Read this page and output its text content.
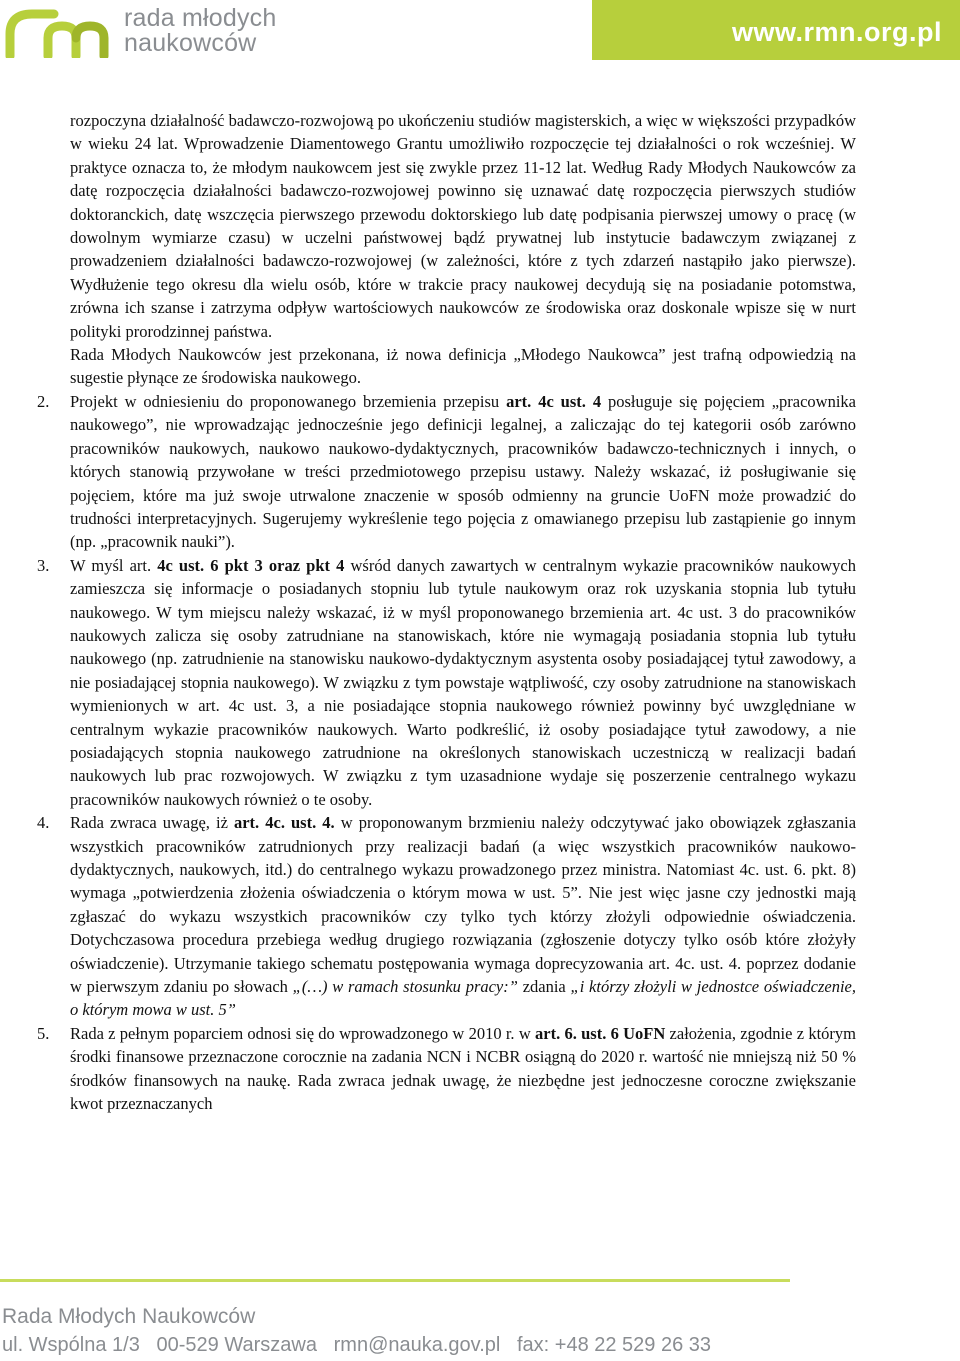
rada młodych
naukowców	www.rmn.org.pl

rozpoczyna działalność badawczo-rozwojową po ukończeniu studiów magisterskich, a więc w większości przypadków w wieku 24 lat. Wprowadzenie Diamentowego Grantu umożliwiło rozpoczęcie tej działalności o rok wcześniej. W praktyce oznacza to, że młodym naukowcem jest się zwykle przez 11-12 lat. Według Rady Młodych Naukowców za datę rozpoczęcia działalności badawczo-rozwojowej powinno się uznawać datę rozpoczęcia pierwszych studiów doktoranckich, datę wszczęcia pierwszego przewodu doktorskiego lub datę podpisania pierwszej umowy o pracę (w dowolnym wymiarze czasu) w uczelni państwowej bądź prywatnej lub instytucie badawczym związanej z prowadzeniem działalności badawczo-rozwojowej (w zależności, które z tych zdarzeń nastąpiło jako pierwsze). Wydłużenie tego okresu dla wielu osób, które w trakcie pracy naukowej decydują się na posiadanie potomstwa, zrówna ich szanse i zatrzyma odpływ wartościowych naukowców ze środowiska oraz doskonale wpisze się w nurt polityki prorodzinnej państwa.

Rada Młodych Naukowców jest przekonana, iż nowa definicja „Młodego Naukowca” jest trafną odpowiedzią na sugestie płynące ze środowiska naukowego.

2. Projekt w odniesieniu do proponowanego brzemienia przepisu art. 4c ust. 4 posługuje się pojęciem „pracownika naukowego”, nie wprowadzając jednocześnie jego definicji legalnej, a zaliczając do tej kategorii osób zarówno pracowników naukowych, naukowo naukowo-dydaktycznych, pracowników badawczo-technicznych i innych, o których stanowią przywołane w treści przedmiotowego przepisu ustawy. Należy wskazać, iż posługiwanie się pojęciem, które ma już swoje utrwalone znaczenie w sposób odmienny na gruncie UoFN może prowadzić do trudności interpretacyjnych. Sugerujemy wykreślenie tego pojęcia z omawianego przepisu lub zastąpienie go innym (np. „pracownik nauki”).
3. W myśl art. 4c ust. 6 pkt 3 oraz pkt 4 wśród danych zawartych w centralnym wykazie pracowników naukowych zamieszcza się informacje o posiadanych stopniu lub tytule naukowym oraz rok uzyskania stopnia lub tytułu naukowego. W tym miejscu należy wskazać, iż w myśl proponowanego brzemienia art. 4c ust. 3 do pracowników naukowych zalicza się osoby zatrudniane na stanowiskach, które nie wymagają posiadania stopnia lub tytułu naukowego (np. zatrudnienie na stanowisku naukowo-dydaktycznym asystenta osoby posiadającej tytuł zawodowy, a nie posiadającej stopnia naukowego). W związku z tym powstaje wątpliwość, czy osoby zatrudnione na stanowiskach wymienionych w art. 4c ust. 3, a nie posiadające stopnia naukowego również powinny być uwzględniane w centralnym wykazie pracowników naukowych. Warto podkreślić, iż osoby posiadające tytuł zawodowy, a nie posiadających stopnia naukowego zatrudnione na określonych stanowiskach uczestniczą w realizacji badań naukowych lub prac rozwojowych. W związku z tym uzasadnione wydaje się poszerzenie centralnego wykazu pracowników naukowych również o te osoby.
4. Rada zwraca uwagę, iż art. 4c. ust. 4. w proponowanym brzmieniu należy odczytywać jako obowiązek zgłaszania wszystkich pracowników zatrudnionych przy realizacji badań (a więc wszystkich pracowników naukowo-dydaktycznych, naukowych, itd.) do centralnego wykazu prowadzonego przez ministra. Natomiast 4c. ust. 6. pkt. 8) wymaga „potwierdzenia złożenia oświadczenia o którym mowa w ust. 5”. Nie jest więc jasne czy jednostki mają zgłaszać do wykazu wszystkich pracowników czy tylko tych którzy złożyli odpowiednie oświadczenia. Dotychczasowa procedura przebiega według drugiego rozwiązania (zgłoszenie dotyczy tylko osób które złożyły oświadczenie). Utrzymanie takiego schematu postępowania wymaga doprecyzowania art. 4c. ust. 4. poprzez dodanie w pierwszym zdaniu po słowach „(…) w ramach stosunku pracy:” zdania „i którzy złożyli w jednostce oświadczenie, o którym mowa w ust. 5”
5. Rada z pełnym poparciem odnosi się do wprowadzonego w 2010 r. w art. 6. ust. 6 UoFN założenia, zgodnie z którym środki finansowe przeznaczone corocznie na zadania NCN i NCBR osiągną do 2020 r. wartość nie mniejszą niż 50 % środków finansowych na naukę. Rada zwraca jednak uwagę, że niezbędne jest jednoczesne coroczne zwiększanie kwot przeznaczanych
Rada Młodych Naukowców
ul. Wspólna 1/3   00-529 Warszawa   rmn@nauka.gov.pl   fax: +48 22 529 26 33
